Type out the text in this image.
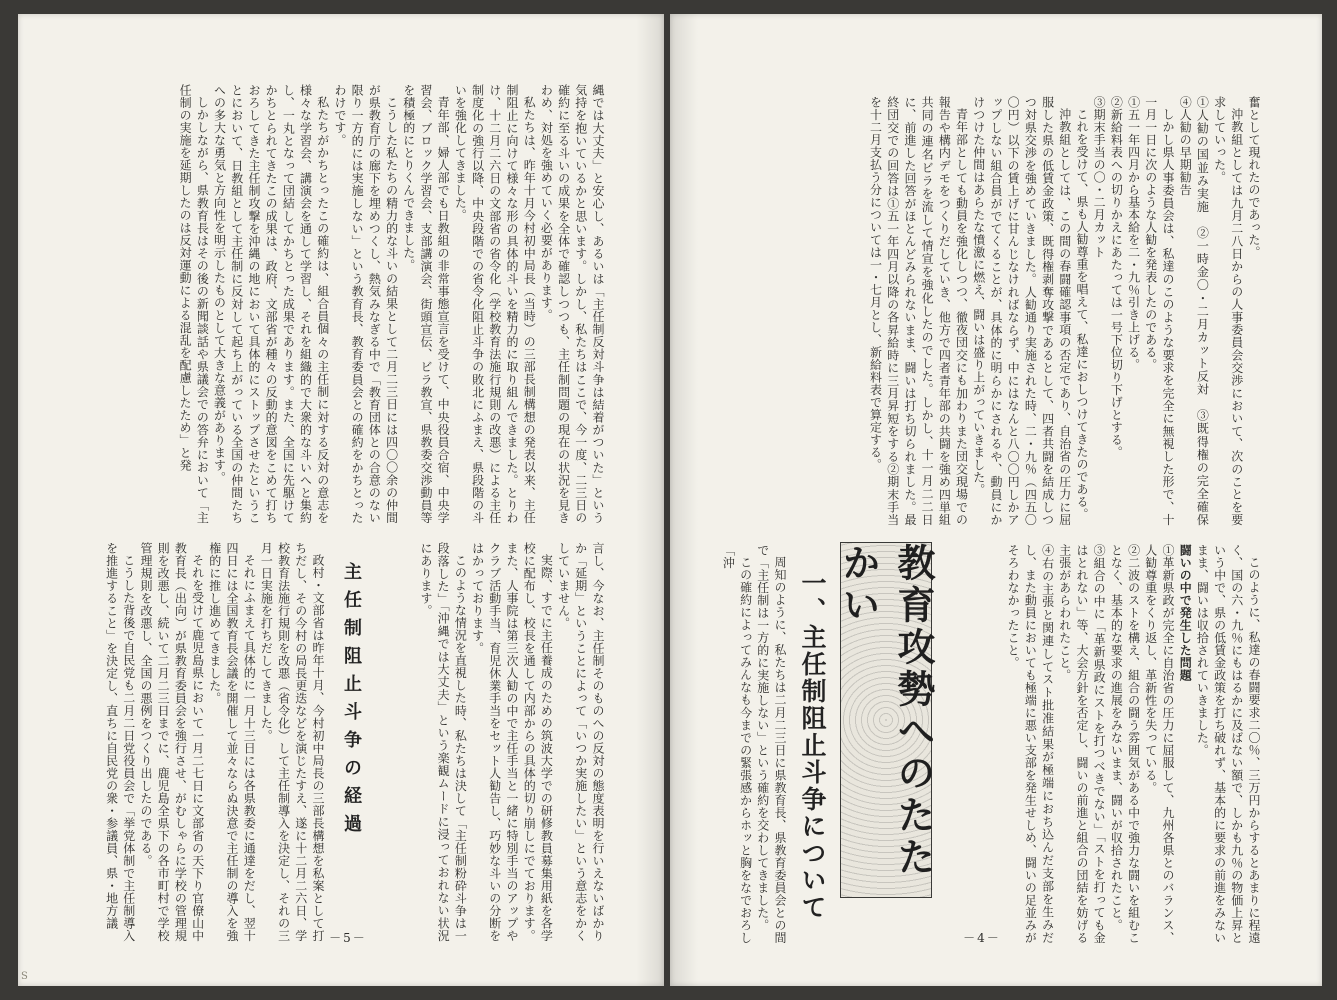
縄では大丈夫」と安心し、あるいは「主任制反対斗争は結着がついた」という気持を抱いているかと思います。しかし、私たちはここで、今一度、二三日の確約に至る斗いの成果を全体で確認しつつも、主任制問題の現在の状況を見きわめ、対処を強めていく必要があります。

私たちは、昨年十月今村初中局長（当時）の三部長制構想の発表以来、主任制阻止に向けて様々な形の具体的斗いを精力的に取り組んできました。とりわけ、十二月二六日の文部省の省令化（学校教育法施行規則の改悪）による主任制度化の強行以降、中央段階での省令化阻止斗争の敗北にふまえ、県段階の斗いを強化してきました。

青年部、婦人部でも日教組の非常事態宣言を受けて、中央役員合宿、中央学習会、ブロック学習会、支部講演会、街頭宣伝、ビラ教宣、県教委交渉動員等を積極的にとりくんできました。

こうした私たちの精力的な斗いの結果として二月二三日には四〇〇余の仲間が県教育庁の廊下を埋めつくし、熱気みなぎる中で「教育団体との合意のない限り一方的には実施しない」という教育長、教育委員会との確約をかちとったわけです。

私たちがかちとったこの確約は、組合員個々の主任制に対する反対の意志を様々な学習会、講演会を通して学習し、それを組織的で大衆的な斗いへと集約し、一丸となって団結してかちとった成果であります。また、全国に先駆けてかちとられてきたこの成果は、政府、文部省が種々の反動的意図をこめて打ちおろしてきた主任制攻撃を沖縄の地において具体的にストップさせたということにおいて、日教組として主任制に反対して起ち上がっている全国の仲間たちへの多大な勇気と方向性を明示したものとして大きな意義があります。

しかしながら、県教育長はその後の新聞談話や県議会での答弁において「主任制の実施を延期したのは反対運動による混乱を配慮したため」と発

言し、今なお、主任制そのものへの反対の態度表明を行いえないばかりか「延期」ということによって「いつか実施したい」という意志をかくしていません。

実際、すでに主任養成のための筑波大学での研修教員募集用紙を各学校に配布し、校長を通して内部からの具体的切り崩しにでております。また、人事院は第三次人勧の中で主任手当と一緒に特別手当のアップやクラブ活動手当、育児休業手当をセット人勧告し、巧妙な斗いの分断をはかっております。

このような情況を直視した時、私たちは決して「主任制粉砕斗争は一段落した」「沖縄では大丈夫」という楽観ムードに浸っておれない状況にあります。

主任制阻止斗争の経過

政村・文部省は昨年十月、今村初中局長の三部長構想を私案として打ちだし、その今村の局長更迭などを演じたすえ、遂に十二月二六日、学校教育法施行規則を改悪（省令化）して主任制導入を決定し、それの三月一日実施を打ちだしてきました。

それにふまえて具体的に一月十三日には各県教委に通達をだし、翌十四日には全国教育長会議を開催して並々ならぬ決意で主任制の導入を強権的に推し進めてきました。

それを受けて鹿児島県において一月二七日に文部省の天下り官僚山中教育長（出向）が県教育委員会を強行させ、がむしゃらに学校の管理規則を改悪し、続いて二月二三日までに、鹿児島全県下の各市町村で学校管理規則を改悪し、全国の悪例をつくり出したのである。

こうした背後で自民党も二月二日党役員会で「挙党体制で主任制導入を推進すること」を決定し、直ちに自民党の衆・参議員、県・地方議

－5－
S

奮として現れたのであった。

沖教組としては九月二八日からの人事委員会交渉において、次のことを要求していった。

①人勧の国並み実施　②一時金〇・二月カット反対　③既得権の完全確保　④人勧の早期勧告

しかし県人事委員会は、私達のこのような要求を完全に無視した形で、十一月一日に次のような人勧を発表したのである。

①五一年四月から基本給を二・九％引き上げる。

②新給料表への切りかえにあたっては一号下位切り下げとする。

③期末手当の〇・二月カット

これを受けて、県も人勧尊重を唱えて、私達におしつけてきたのである。

沖教組としては、この間の春闘確認事項の否定であり、自治省の圧力に屈服した県の低賃金政策、既得権剥奪攻撃であるとして、四者共闘を結成しつつ対県交渉を強めていきました。人勧通り実施された時、二・九％（四五〇〇円）以下の賃上げに甘んじなければならず、中にはなんと八〇〇円しかアップしない組合員がでてくることが、具体的に明らかにされるや、動員にかけつけた仲間はあらたな憤激に燃え、闘いは盛り上がっていきました。

青年部としても動員を強化しつつ、徹夜団交にも加わりまた団交現場での報告や構内デモをつくりだしていき、他方で四者青年部の共闘を強め四単組共同の連名ビラを流して情宣を強化したのでした。しかし、十一月二二日に、前進した回答がほとんどみられないまま、闘いは打ち切られました。最終団交での回答は①五一年四月以降の各昇給時に三月昇短をする②期末手当を十二月支払う分については一・七月とし、新給料表で算定する。

このように、私達の春闘要求二〇％、三万円からするとあまりに程遠く、国の六・九％にもはるかに及ばない額で、しかも九％の物価上昇という中で、県の低賃金政策を打ち破れず、基本的に要求の前進をみないまま、闘いは収拾されていきました。

闘いの中で発生した問題

①革新県政が完全に自治省の圧力に屈服して、九州各県とのバランス、人勧尊重をくり返し、革新性を失っている。

②二波のストを構え、組合の闘う雰囲気がある中で強力な闘いを組むことなく、基本的な要求の進展をみないまま、闘いが収拾されたこと。

③組合の中に「革新県政にストを打つべきでない」「ストを打っても金はとれない」等、大会方針を否定し、闘いの前進と組合の団結を妨げる主張があらわれたこと。

④右の主張と関連してスト批准結果が極端におち込んだ支部を生みだし、また動員においても極端に悪い支部を発生せしめ、闘いの足並みがそろわなかったこと。

教育攻勢へのたたかい
一、主任制阻止斗争について

周知のように、私たちは二月二三日に県教育長、県教育委員会との間で「主任制は一方的に実施しない」という確約を交わしてきました。

この確約によってみんなも今までの緊張感からホッと胸をなでおろし「沖

－4－
